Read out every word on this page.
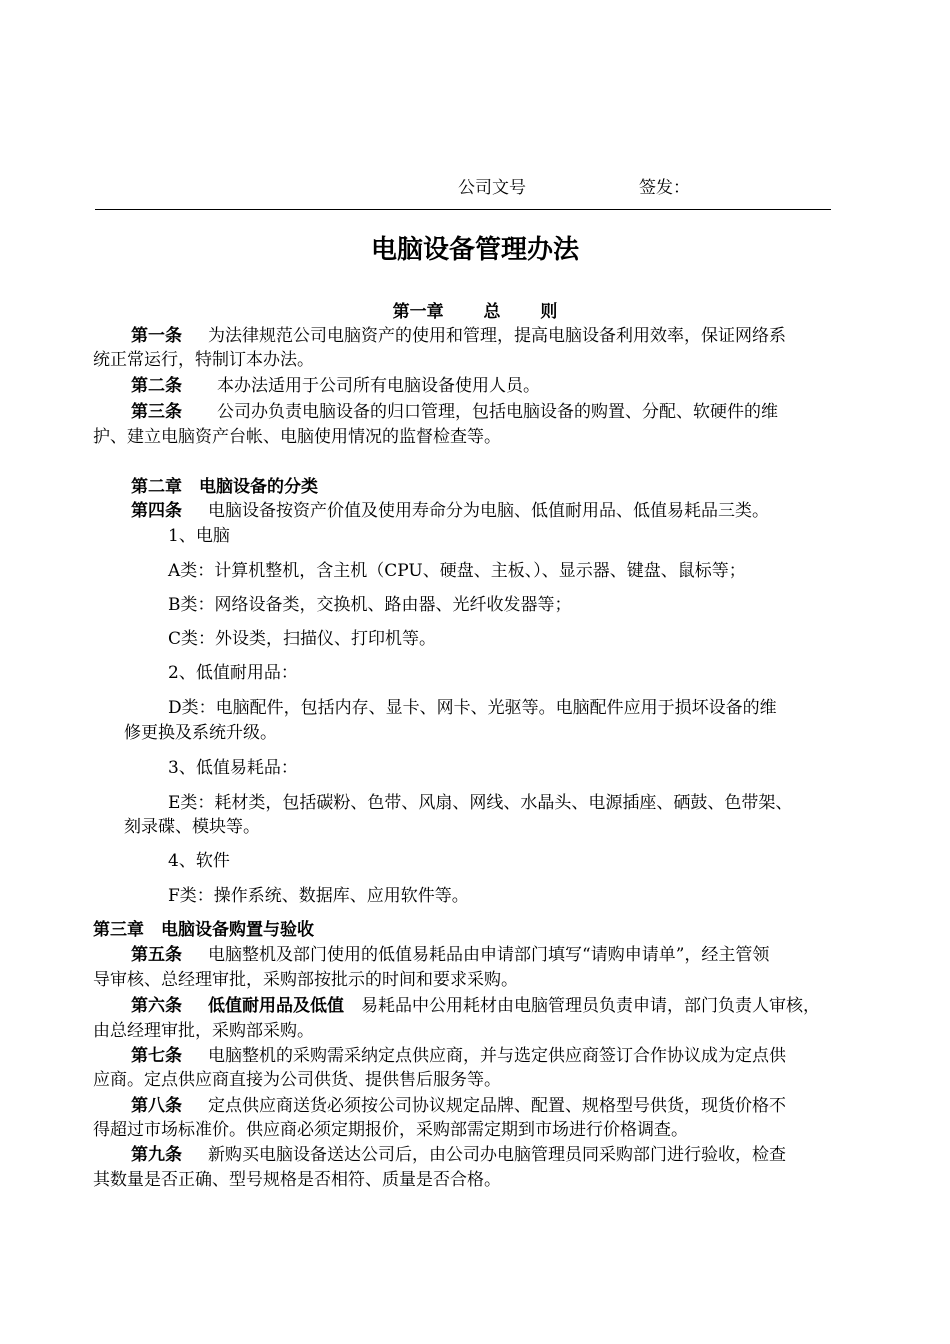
公司文号	签发：
电脑设备管理办法
第一章 总 则
第一条 为法律规范公司电脑资产的使用和管理，提高电脑设备利用效率，保证网络系
统正常运行，特制订本办法。
第二条 本办法适用于公司所有电脑设备使用人员。
第三条 公司办负责电脑设备的归口管理，包括电脑设备的购置、分配、软硬件的维
护、建立电脑资产台帐、电脑使用情况的监督检查等。
第二章　电脑设备的分类
第四条 电脑设备按资产价值及使用寿命分为电脑、低值耐用品、低值易耗品三类。
1、电脑
A类：计算机整机，含主机（CPU、硬盘、主板、）、显示器、键盘、鼠标等；
B类：网络设备类，交换机、路由器、光纤收发器等；
C类：外设类，扫描仪、打印机等。
2、低值耐用品：
D类：电脑配件，包括内存、显卡、网卡、光驱等。电脑配件应用于损坏设备的维
修更换及系统升级。
3、低值易耗品：
E类：耗材类，包括碳粉、色带、风扇、网线、水晶头、电源插座、硒鼓、色带架、
刻录碟、模块等。
4、软件
F类：操作系统、数据库、应用软件等。
第三章　电脑设备购置与验收
第五条 电脑整机及部门使用的低值易耗品由申请部门填写“请购申请单”，经主管领
导审核、总经理审批，采购部按批示的时间和要求采购。
第六条 低值耐用品及低值 易耗品中公用耗材由电脑管理员负责申请，部门负责人审核，
由总经理审批，采购部采购。
第七条 电脑整机的采购需采纳定点供应商，并与选定供应商签订合作协议成为定点供
应商。定点供应商直接为公司供货、提供售后服务等。
第八条 定点供应商送货必须按公司协议规定品牌、配置、规格型号供货，现货价格不
得超过市场标准价。供应商必须定期报价，采购部需定期到市场进行价格调查。
第九条 新购买电脑设备送达公司后，由公司办电脑管理员同采购部门进行验收，检查
其数量是否正确、型号规格是否相符、质量是否合格。
